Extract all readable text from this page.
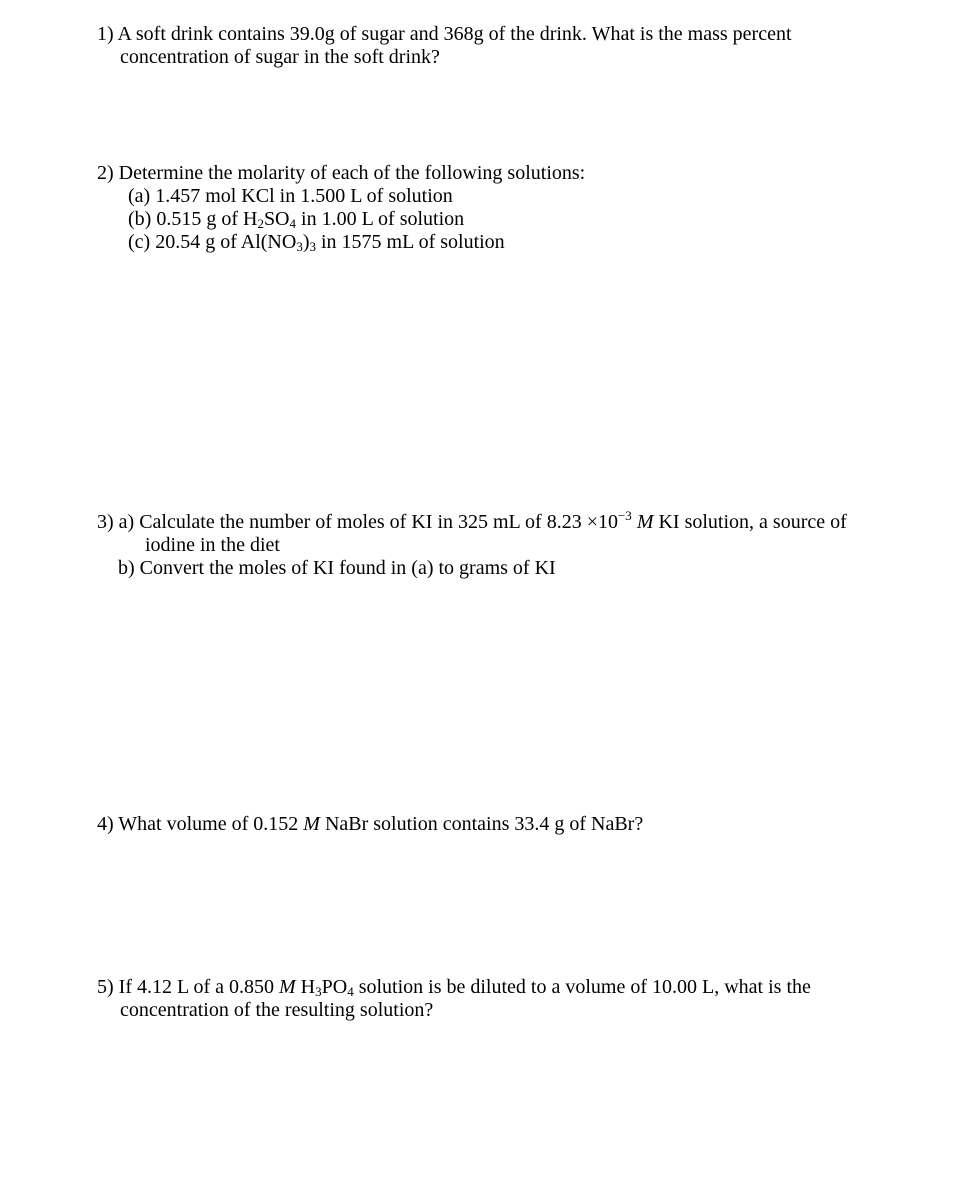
1) A soft drink contains 39.0g of sugar and 368g of the drink. What is the mass percent
concentration of sugar in the soft drink?
2) Determine the molarity of each of the following solutions:
(a) 1.457 mol KCl in 1.500 L of solution
(b) 0.515 g of $H_2SO_4$ in 1.00 L of solution
(c) 20.54 g of $Al(NO_3)_3$ in 1575 mL of solution
3) a) Calculate the number of moles of KI in 325 mL of $8.23 \times 10^{-3}$ M KI solution, a source of
iodine in the diet
b) Convert the moles of KI found in (a) to grams of KI
4) What volume of 0.152 M NaBr solution contains 33.4 g of NaBr?
5) If 4.12 L of a 0.850 M $H_3PO_4$ solution is be diluted to a volume of 10.00 L, what is the
concentration of the resulting solution?
